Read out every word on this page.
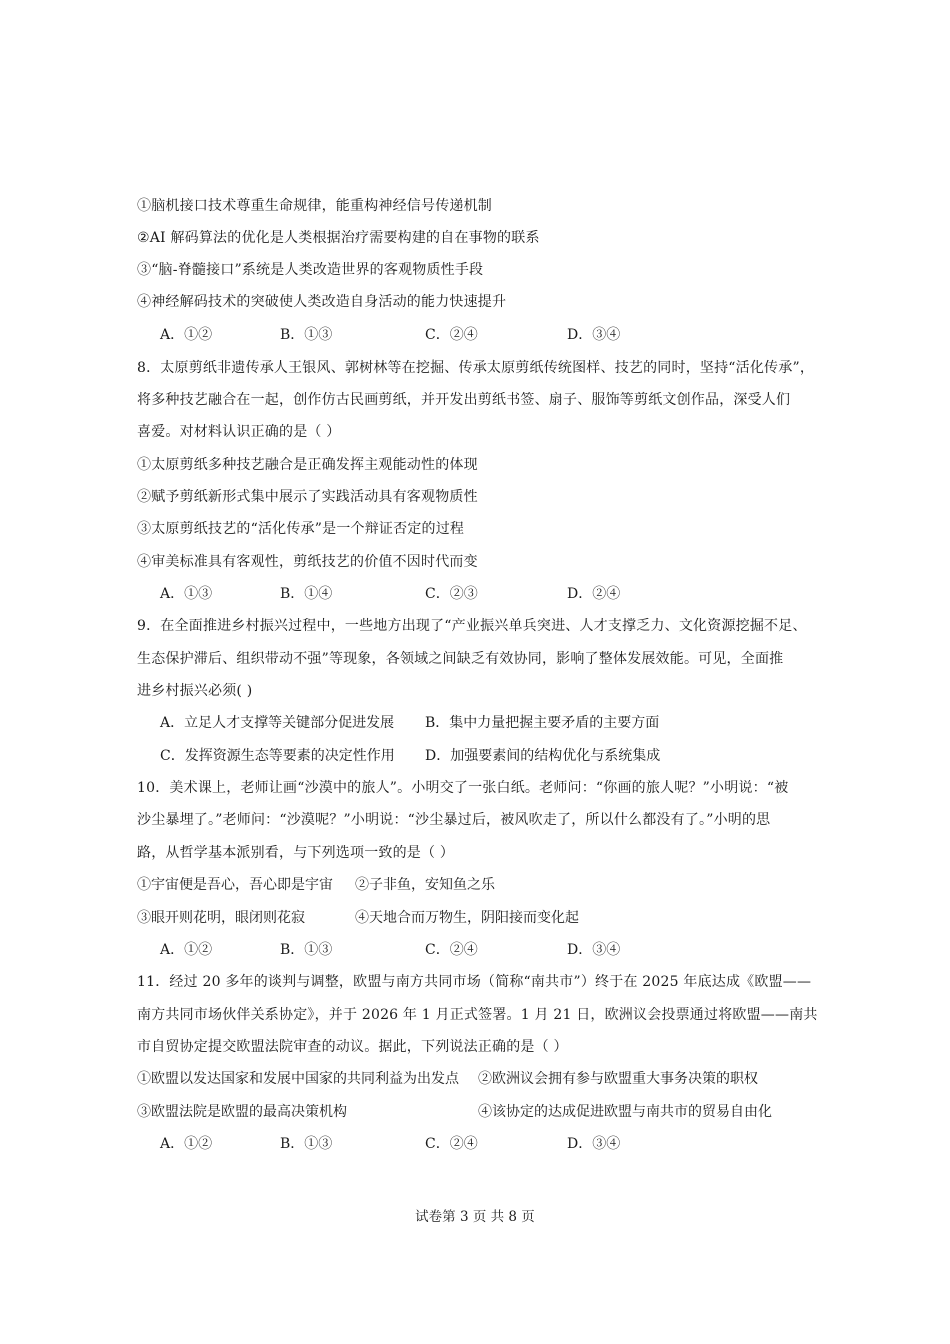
①脑机接口技术尊重生命规律，能重构神经信号传递机制
②AI 解码算法的优化是人类根据治疗需要构建的自在事物的联系
③“脑-脊髓接口”系统是人类改造世界的客观物质性手段
④神经解码技术的突破使人类改造自身活动的能力快速提升
A．①②	B．①③	C．②④	D．③④
8．太原剪纸非遗传承人王银风、郭树林等在挖掘、传承太原剪纸传统图样、技艺的同时，坚持“活化传承”，
将多种技艺融合在一起，创作仿古民画剪纸，并开发出剪纸书签、扇子、服饰等剪纸文创作品，深受人们
喜爱。对材料认识正确的是（ ）
①太原剪纸多种技艺融合是正确发挥主观能动性的体现
②赋予剪纸新形式集中展示了实践活动具有客观物质性
③太原剪纸技艺的“活化传承”是一个辩证否定的过程
④审美标准具有客观性，剪纸技艺的价值不因时代而变
A．①③	B．①④	C．②③	D．②④
9．在全面推进乡村振兴过程中，一些地方出现了“产业振兴单兵突进、人才支撑乏力、文化资源挖掘不足、
生态保护滞后、组织带动不强”等现象，各领域之间缺乏有效协同，影响了整体发展效能。可见，全面推
进乡村振兴必须( )
A．立足人才支撑等关键部分促进发展 B．集中力量把握主要矛盾的主要方面
C．发挥资源生态等要素的决定性作用 D．加强要素间的结构优化与系统集成
10．美术课上，老师让画“沙漠中的旅人”。小明交了一张白纸。老师问：“你画的旅人呢？”小明说：“被
沙尘暴埋了。”老师问：“沙漠呢？”小明说：“沙尘暴过后，被风吹走了，所以什么都没有了。”小明的思
路，从哲学基本派别看，与下列选项一致的是（ ）
①宇宙便是吾心，吾心即是宇宙 ②子非鱼，安知鱼之乐
③眼开则花明，眼闭则花寂	④天地合而万物生，阴阳接而变化起
A．①②	B．①③	C．②④	D．③④
11．经过 20 多年的谈判与调整，欧盟与南方共同市场（简称“南共市”）终于在 2025 年底达成《欧盟——
南方共同市场伙伴关系协定》，并于 2026 年 1 月正式签署。1 月 21 日，欧洲议会投票通过将欧盟——南共
市自贸协定提交欧盟法院审查的动议。据此，下列说法正确的是（ ）
①欧盟以发达国家和发展中国家的共同利益为出发点 ②欧洲议会拥有参与欧盟重大事务决策的职权
③欧盟法院是欧盟的最高决策机构	④该协定的达成促进欧盟与南共市的贸易自由化
A．①②	B．①③	C．②④	D．③④
试卷第 3 页 共 8 页
